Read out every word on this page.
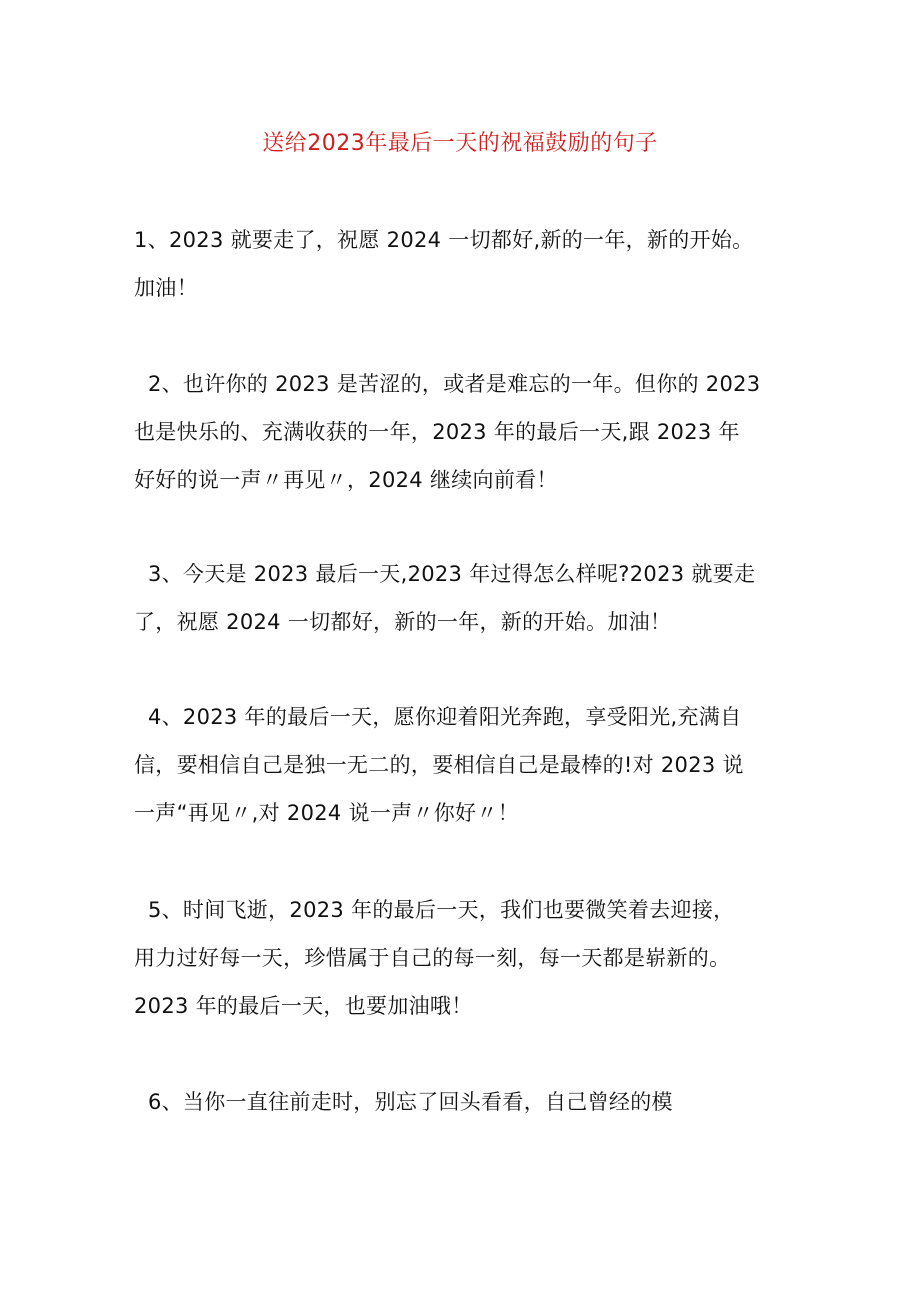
送给2023年最后一天的祝福鼓励的句子
1、2023 就要走了，祝愿 2024 一切都好,新的一年，新的开始。
加油！
2、也许你的 2023 是苦涩的，或者是难忘的一年。但你的 2023
也是快乐的、充满收获的一年，2023 年的最后一天,跟 2023 年
好好的说一声〃再见〃，2024 继续向前看！
3、今天是 2023 最后一天,2023 年过得怎么样呢?2023 就要走
了，祝愿 2024 一切都好，新的一年，新的开始。加油！
4、2023 年的最后一天，愿你迎着阳光奔跑，享受阳光,充满自
信，要相信自己是独一无二的，要相信自己是最棒的!对 2023 说
一声“再见〃,对 2024 说一声〃你好〃！
5、时间飞逝，2023 年的最后一天，我们也要微笑着去迎接，
用力过好每一天，珍惜属于自己的每一刻，每一天都是崭新的。
2023 年的最后一天，也要加油哦！
6、当你一直往前走时，别忘了回头看看，自己曾经的模
